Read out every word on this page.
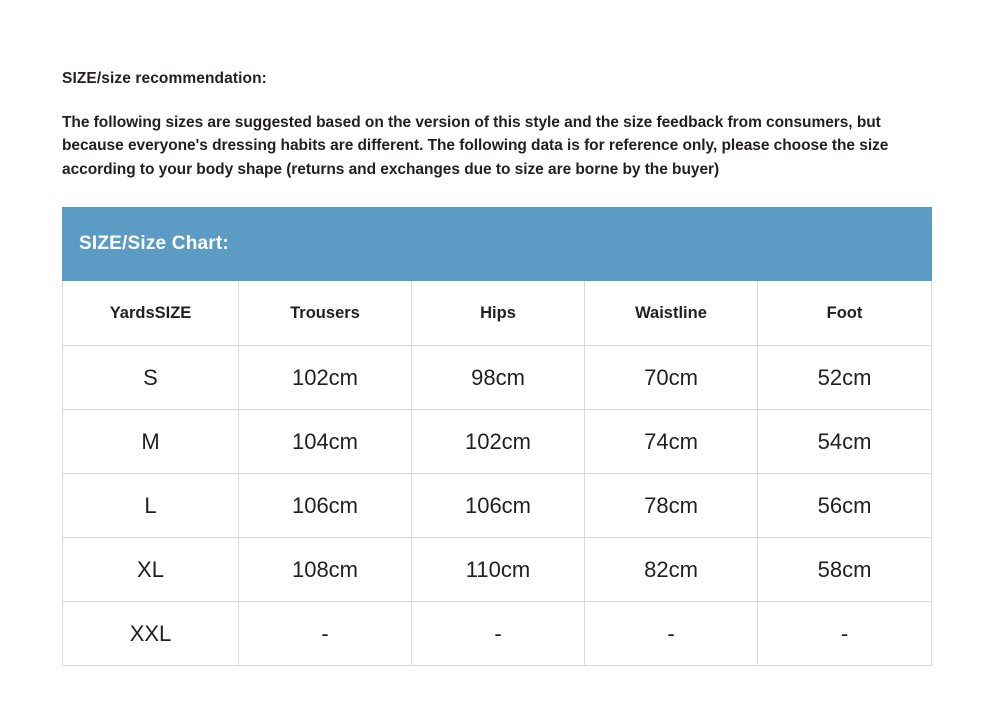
SIZE/size recommendation:
The following sizes are suggested based on the version of this style and the size feedback from consumers, but because everyone's dressing habits are different. The following data is for reference only, please choose the size according to your body shape (returns and exchanges due to size are borne by the buyer)
SIZE/Size Chart:				
YardsSIZE	Trousers	Hips	Waistline	Foot
S	102cm	98cm	70cm	52cm
M	104cm	102cm	74cm	54cm
L	106cm	106cm	78cm	56cm
XL	108cm	110cm	82cm	58cm
XXL	-	-	-	-
